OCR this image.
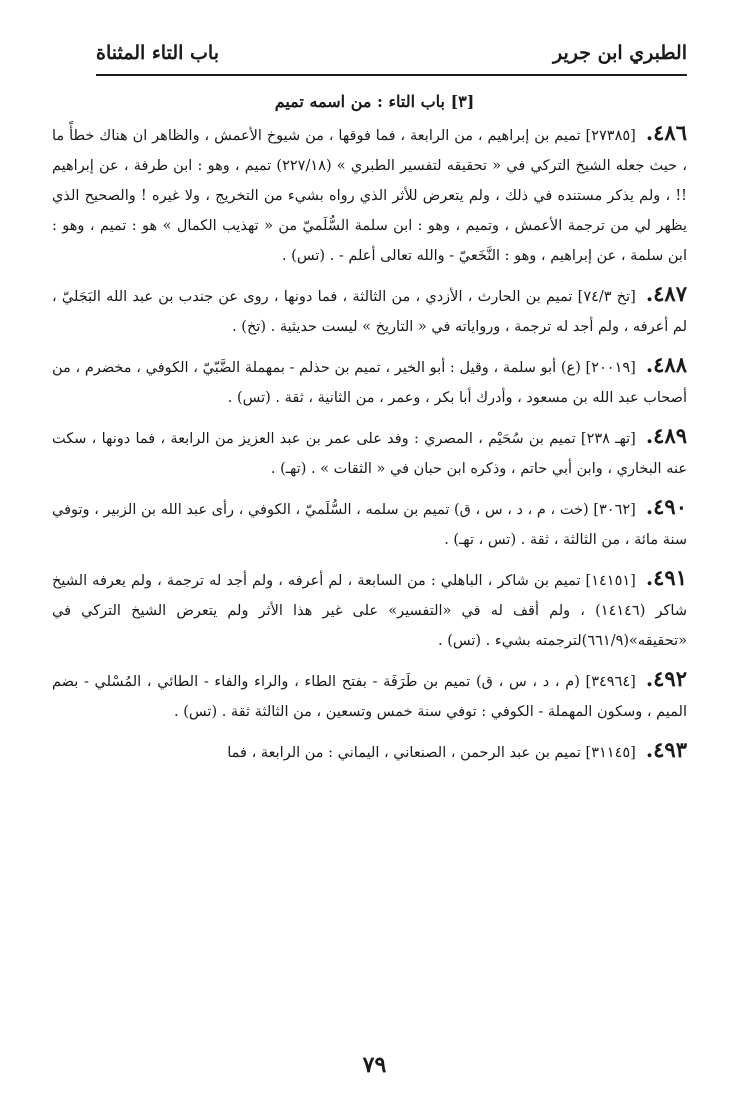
الطبري ابن جرير
باب التاء المثناة
[٣] باب التاء : من اسمه تميم

٤٨٦.[٢٧٣٨٥] تميم بن إبراهيم ، من الرابعة ، فما فوقها ، من شيوخ الأعمش ، والظاهر ان هناك خطأً ما ، حيث جعله الشيخ التركي في « تحقيقه لتفسير الطبري » (٢٢٧/١٨) تميم ، وهو : ابن طرفة ، عن إبراهيم !! ، ولم يذكر مستنده في ذلك ، ولم يتعرض للأثر الذي رواه بشيء من التخريج ، ولا غيره ! والصحيح الذي يظهر لي من ترجمة الأعمش ، وتميم ، وهو : ابن سلمة السُّلَميّ من « تهذيب الكمال » هو : تميم ، وهو : ابن سلمة ، عن إبراهيم ، وهو : النَّخَعيّ - والله تعالى أعلم - . (تس) .

٤٨٧.[تخ ٧٤/٣] تميم بن الحارث ، الأزدي ، من الثالثة ، فما دونها ، روى عن جندب بن عبد الله البَجَليّ ، لم أعرفه ، ولم أجد له ترجمة ، ورواياته في « التاريخ » ليست حديثية . (تخ) .

٤٨٨.[٢٠٠١٩] (ع) أبو سلمة ، وقيل : أبو الخير ، تميم بن حذلم - بمهملة الضَّبّيّ ، الكوفي ، مخضرم ، من أصحاب عبد الله بن مسعود ، وأدرك أبا بكر ، وعمر ، من الثانية ، ثقة . (تس) .

٤٨٩.[تهـ ٢٣٨] تميم بن سُحَيْم ، المصري : وفد على عمر بن عبد العزيز من الرابعة ، فما دونها ، سكت عنه البخاري ، وابن أبي حاتم ، وذكره ابن حبان في « الثقات » . (تهـ) .

٤٩٠.[٣٠٦٢] (خت ، م ، د ، س ، ق) تميم بن سلمه ، السُّلَميّ ، الكوفي ، رأى عبد الله بن الزبير ، وتوفي سنة مائة ، من الثالثة ، ثقة . (تس ، تهـ) .

٤٩١.[١٤١٥١] تميم بن شاكر ، الباهلي : من السابعة ، لم أعرفه ، ولم أجد له ترجمة ، ولم يعرفه الشيخ شاكر (١٤١٤٦) ، ولم أقف له في «التفسير» على غير هذا الأثر ولم يتعرض الشيخ التركي في «تحقيقه»(٦٦١/٩)لترجمته بشيء . (تس) .

٤٩٢.[٣٤٩٦٤] (م ، د ، س ، ق) تميم بن طَرَفَة - بفتح الطاء ، والراء والفاء - الطائي ، المُسْلي - بضم الميم ، وسكون المهملة - الكوفي : توفي سنة خمس وتسعين ، من الثالثة ثقة . (تس) .

٤٩٣.[٣١١٤٥] تميم بن عبد الرحمن ، الصنعاني ، اليماني : من الرابعة ، فما

٧٩
